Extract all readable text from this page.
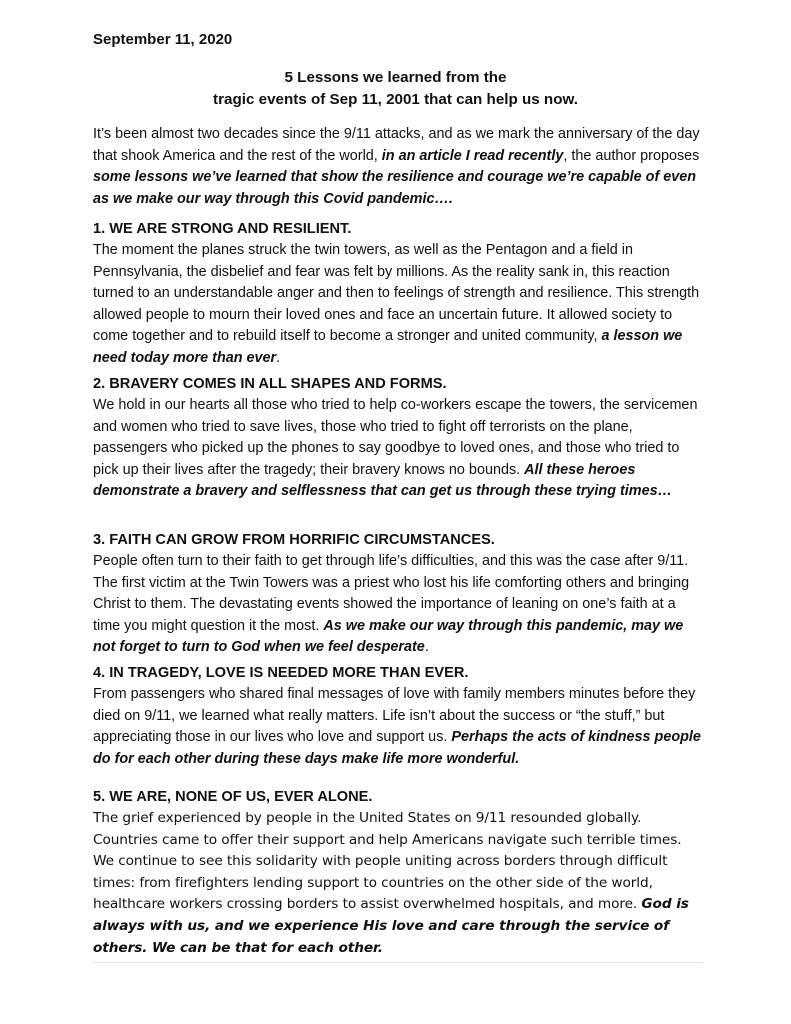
September 11, 2020
5 Lessons we learned from the
tragic events of Sep 11, 2001 that can help us now.
It’s been almost two decades since the 9/11 attacks, and as we mark the anniversary of the day that shook America and the rest of the world, in an article I read recently, the author proposes some lessons we’ve learned that show the resilience and courage we’re capable of even as we make our way through this Covid pandemic….
1. WE ARE STRONG AND RESILIENT.
The moment the planes struck the twin towers, as well as the Pentagon and a field in Pennsylvania, the disbelief and fear was felt by millions. As the reality sank in, this reaction turned to an understandable anger and then to feelings of strength and resilience. This strength allowed people to mourn their loved ones and face an uncertain future. It allowed society to come together and to rebuild itself to become a stronger and united community, a lesson we need today more than ever.
2. BRAVERY COMES IN ALL SHAPES AND FORMS.
We hold in our hearts all those who tried to help co-workers escape the towers, the servicemen and women who tried to save lives, those who tried to fight off terrorists on the plane, passengers who picked up the phones to say goodbye to loved ones, and those who tried to pick up their lives after the tragedy; their bravery knows no bounds. All these heroes demonstrate a bravery and selflessness that can get us through these trying times…
3. FAITH CAN GROW FROM HORRIFIC CIRCUMSTANCES.
People often turn to their faith to get through life’s difficulties, and this was the case after 9/11. The first victim at the Twin Towers was a priest who lost his life comforting others and bringing Christ to them. The devastating events showed the importance of leaning on one’s faith at a time you might question it the most. As we make our way through this pandemic, may we not forget to turn to God when we feel desperate.
4. IN TRAGEDY, LOVE IS NEEDED MORE THAN EVER.
From passengers who shared final messages of love with family members minutes before they died on 9/11, we learned what really matters. Life isn’t about the success or “the stuff,” but appreciating those in our lives who love and support us. Perhaps the acts of kindness people do for each other during these days make life more wonderful.
5. WE ARE, NONE OF US, EVER ALONE.
The grief experienced by people in the United States on 9/11 resounded globally. Countries came to offer their support and help Americans navigate such terrible times. We continue to see this solidarity with people uniting across borders through difficult times: from firefighters lending support to countries on the other side of the world, healthcare workers crossing borders to assist overwhelmed hospitals, and more. God is always with us, and we experience His love and care through the service of others. We can be that for each other.
